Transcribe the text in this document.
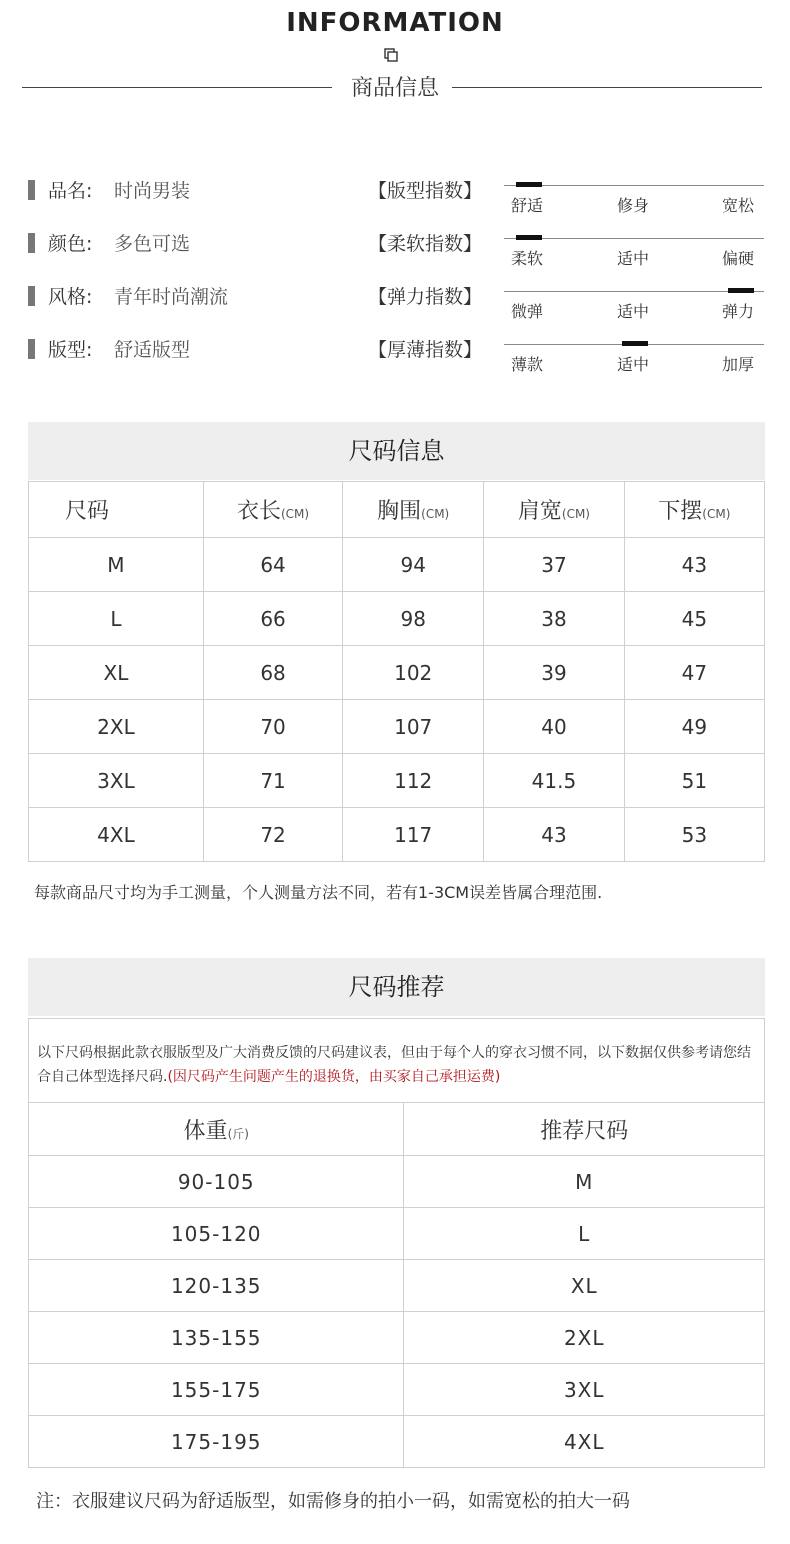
INFORMATION
商品信息
品名: 时尚男装
颜色: 多色可选
风格: 青年时尚潮流
版型: 舒适版型
【版型指数】
【柔软指数】
【弹力指数】
【厚薄指数】
舒适	修身	宽松
柔软	适中	偏硬
微弹	适中	弹力
薄款	适中	加厚
尺码信息
尺码	衣长(CM)	胸围(CM)	肩宽(CM)	下摆(CM)
M	64	94	37	43
L	66	98	38	45
XL	68	102	39	47
2XL	70	107	40	49
3XL	71	112	41.5	51
4XL	72	117	43	53
每款商品尺寸均为手工测量，个人测量方法不同，若有1-3CM误差皆属合理范围.
尺码推荐
以下尺码根据此款衣服版型及广大消费反馈的尺码建议表，但由于每个人的穿衣习惯不同，以下数据仅供参考请您结合自己体型选择尺码.(因尺码产生问题产生的退换货，由买家自己承担运费)
体重(斤)	推荐尺码
90-105	M
105-120	L
120-135	XL
135-155	2XL
155-175	3XL
175-195	4XL
注：衣服建议尺码为舒适版型，如需修身的拍小一码，如需宽松的拍大一码
